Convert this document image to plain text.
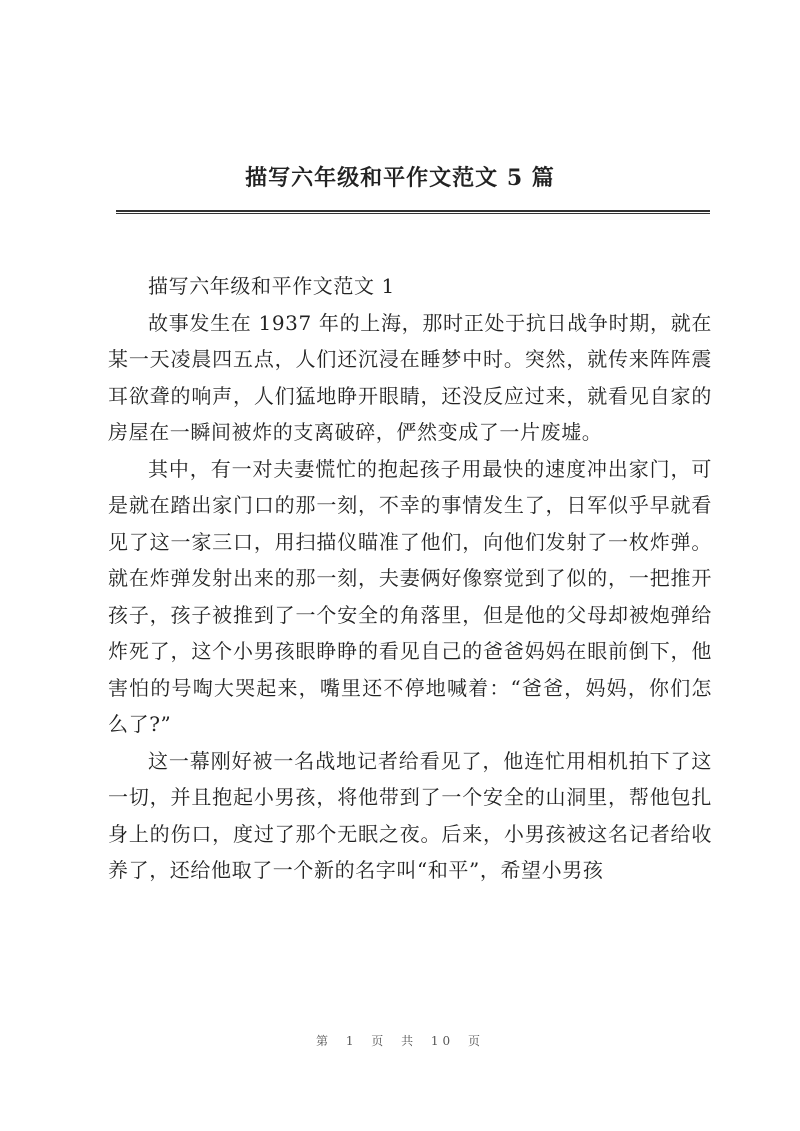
描写六年级和平作文范文 5 篇

描写六年级和平作文范文 1

故事发生在 1937 年的上海，那时正处于抗日战争时期，就在某一天凌晨四五点，人们还沉浸在睡梦中时。突然，就传来阵阵震耳欲聋的响声，人们猛地睁开眼睛，还没反应过来，就看见自家的房屋在一瞬间被炸的支离破碎，俨然变成了一片废墟。

其中，有一对夫妻慌忙的抱起孩子用最快的速度冲出家门，可是就在踏出家门口的那一刻，不幸的事情发生了，日军似乎早就看见了这一家三口，用扫描仪瞄准了他们，向他们发射了一枚炸弹。就在炸弹发射出来的那一刻，夫妻俩好像察觉到了似的，一把推开孩子，孩子被推到了一个安全的角落里，但是他的父母却被炮弹给炸死了，这个小男孩眼睁睁的看见自己的爸爸妈妈在眼前倒下，他害怕的号啕大哭起来，嘴里还不停地喊着：“爸爸，妈妈，你们怎么了?”

这一幕刚好被一名战地记者给看见了，他连忙用相机拍下了这一切，并且抱起小男孩，将他带到了一个安全的山洞里，帮他包扎身上的伤口，度过了那个无眠之夜。后来，小男孩被这名记者给收养了，还给他取了一个新的名字叫“和平”，希望小男孩

第 1 页 共 10 页
